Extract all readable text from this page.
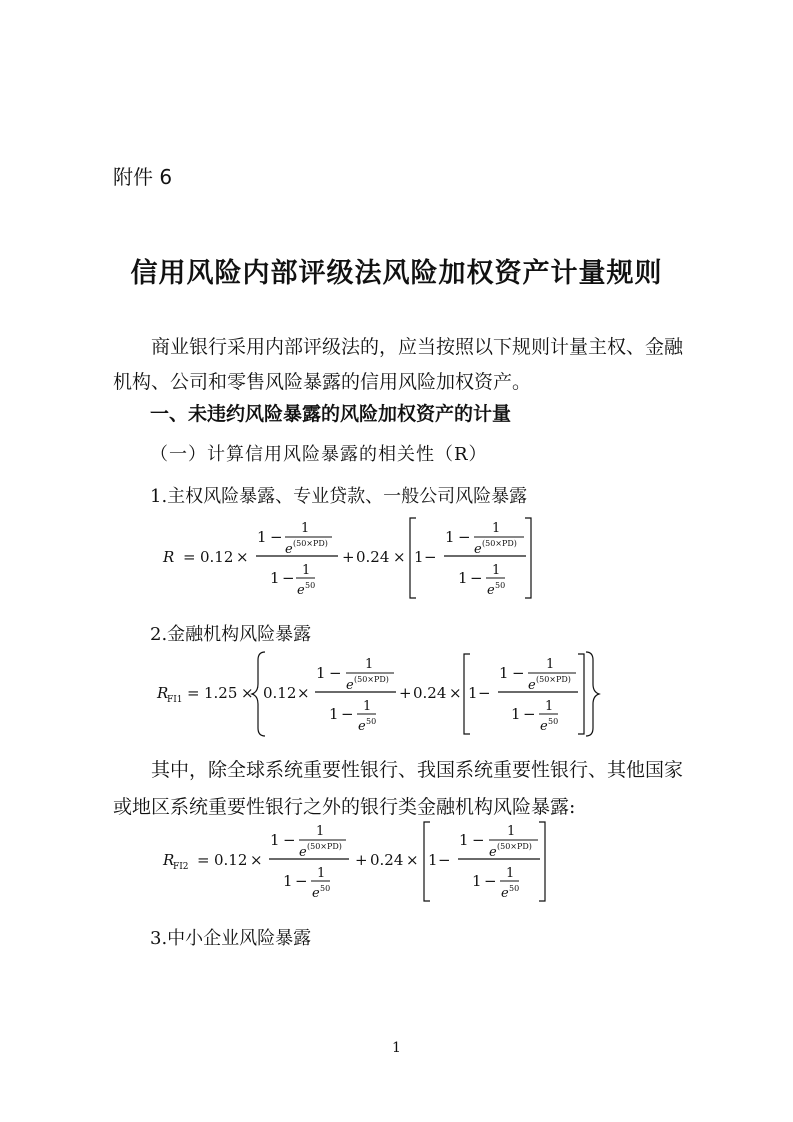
附件 6
信用风险内部评级法风险加权资产计量规则
商业银行采用内部评级法的，应当按照以下规则计量主权、金融机构、公司和零售风险暴露的信用风险加权资产。
一、未违约风险暴露的风险加权资产的计量
（一）计算信用风险暴露的相关性（R）
1.主权风险暴露、专业贷款、一般公司风险暴露
R = 0.12 ×
1 − 1
e (50×PD)
1 − 1
e 50
+ 0.24 × 1 −
1 − 1
e (50×PD)
1 − 1
e 50
2.金融机构风险暴露
R
FI1 = 1.25 × 0.12 ×
1 − 1
e (50×PD)
1 − 1
e 50
+ 0.24 × 1 −
1 − 1
e (50×PD)
1 − 1
e 50
其中，除全球系统重要性银行、我国系统重要性银行、其他国家或地区系统重要性银行之外的银行类金融机构风险暴露:
R
FI2 = 0.12 ×
1 − 1
e (50×PD)
1 − 1
e 50
+ 0.24 × 1 −
1 − 1
e (50×PD)
1 − 1
e 50
3.中小企业风险暴露
1
